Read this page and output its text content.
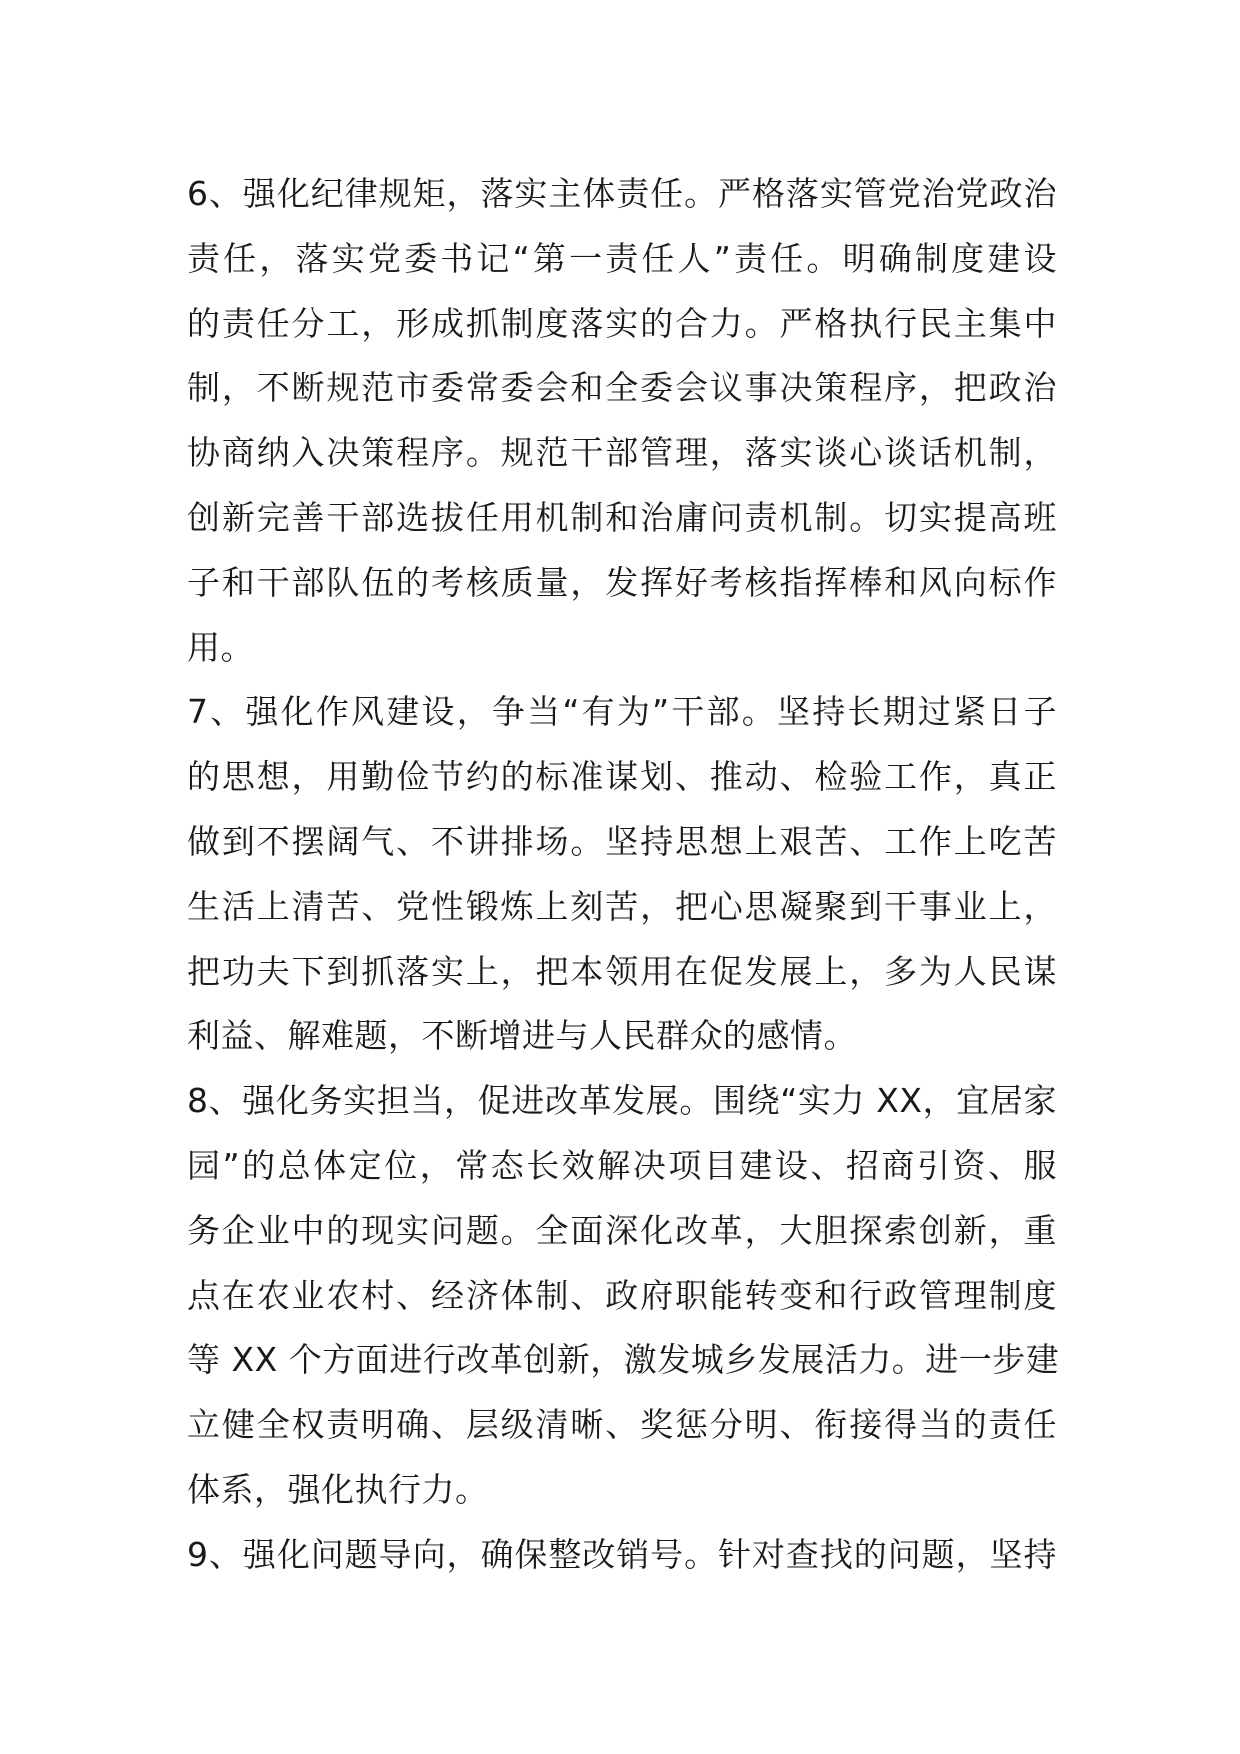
6、强化纪律规矩，落实主体责任。严格落实管党治党政治
责任，落实党委书记“第一责任人”责任。明确制度建设
的责任分工，形成抓制度落实的合力。严格执行民主集中
制，不断规范市委常委会和全委会议事决策程序，把政治
协商纳入决策程序。规范干部管理，落实谈心谈话机制，
创新完善干部选拔任用机制和治庸问责机制。切实提高班
子和干部队伍的考核质量，发挥好考核指挥棒和风向标作
用。
7、强化作风建设，争当“有为”干部。坚持长期过紧日子
的思想，用勤俭节约的标准谋划、推动、检验工作，真正
做到不摆阔气、不讲排场。坚持思想上艰苦、工作上吃苦
生活上清苦、党性锻炼上刻苦，把心思凝聚到干事业上，
把功夫下到抓落实上，把本领用在促发展上，多为人民谋
利益、解难题，不断增进与人民群众的感情。
8、强化务实担当，促进改革发展。围绕“实力 XX，宜居家
园”的总体定位，常态长效解决项目建设、招商引资、服
务企业中的现实问题。全面深化改革，大胆探索创新，重
点在农业农村、经济体制、政府职能转变和行政管理制度
等 XX 个方面进行改革创新，激发城乡发展活力。进一步建
立健全权责明确、层级清晰、奖惩分明、衔接得当的责任
体系，强化执行力。
9、强化问题导向，确保整改销号。针对查找的问题，坚持
